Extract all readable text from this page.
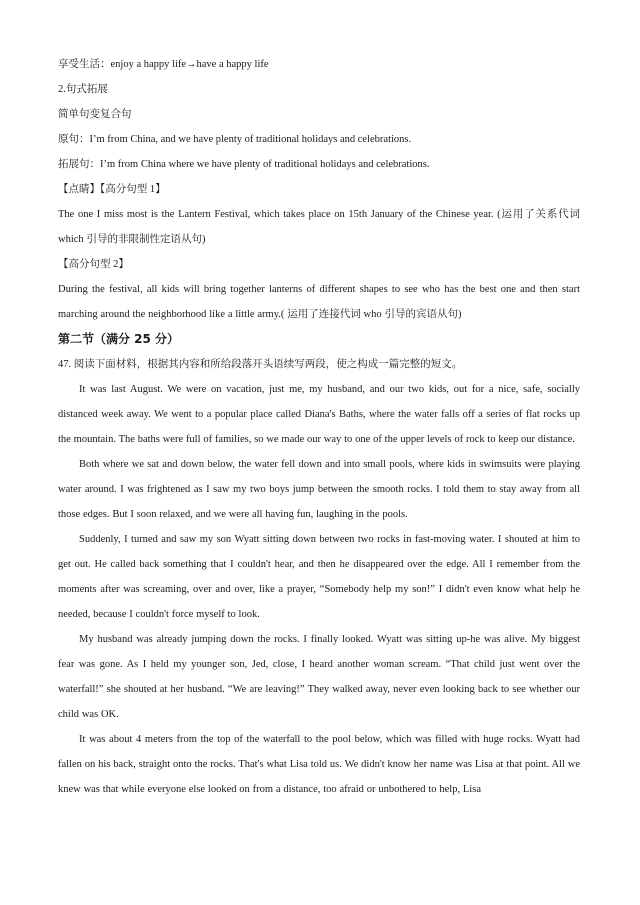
享受生活：enjoy a happy life→have a happy life
2.句式拓展
简单句变复合句
原句：I’m from China, and we have plenty of traditional holidays and celebrations.
拓展句：I’m from China where we have plenty of traditional holidays and celebrations.
【点睛】【高分句型 1】

The one I miss most is the Lantern Festival, which takes place on 15th January of the Chinese year. (运用了关系代词 which 引导的非限制性定语从句)

【高分句型 2】

During the festival, all kids will bring together lanterns of different shapes to see who has the best one and then start marching around the neighborhood like a little army.( 运用了连接代词 who 引导的宾语从句)

第二节（满分 25 分）
47. 阅读下面材料，根据其内容和所给段落开头语续写两段，使之构成一篇完整的短文。

It was last August. We were on vacation, just me, my husband, and our two kids, out for a nice, safe, socially distanced week away. We went to a popular place called Diana's Baths, where the water falls off a series of flat rocks up the mountain. The baths were full of families, so we made our way to one of the upper levels of rock to keep our distance.

Both where we sat and down below, the water fell down and into small pools, where kids in swimsuits were playing water around. I was frightened as I saw my two boys jump between the smooth rocks. I told them to stay away from all those edges. But I soon relaxed, and we were all having fun, laughing in the pools.

Suddenly, I turned and saw my son Wyatt sitting down between two rocks in fast-moving water. I shouted at him to get out. He called back something that I couldn't hear, and then he disappeared over the edge. All I remember from the moments after was screaming, over and over, like a prayer, “Somebody help my son!” I didn't even know what help he needed, because I couldn't force myself to look.

My husband was already jumping down the rocks. I finally looked. Wyatt was sitting up-he was alive. My biggest fear was gone. As I held my younger son, Jed, close, I heard another woman scream. “That child just went over the waterfall!” she shouted at her husband. “We are leaving!” They walked away, never even looking back to see whether our child was OK.

It was about 4 meters from the top of the waterfall to the pool below, which was filled with huge rocks. Wyatt had fallen on his back, straight onto the rocks. That's what Lisa told us. We didn't know her name was Lisa at that point. All we knew was that while everyone else looked on from a distance, too afraid or unbothered to help, Lisa
